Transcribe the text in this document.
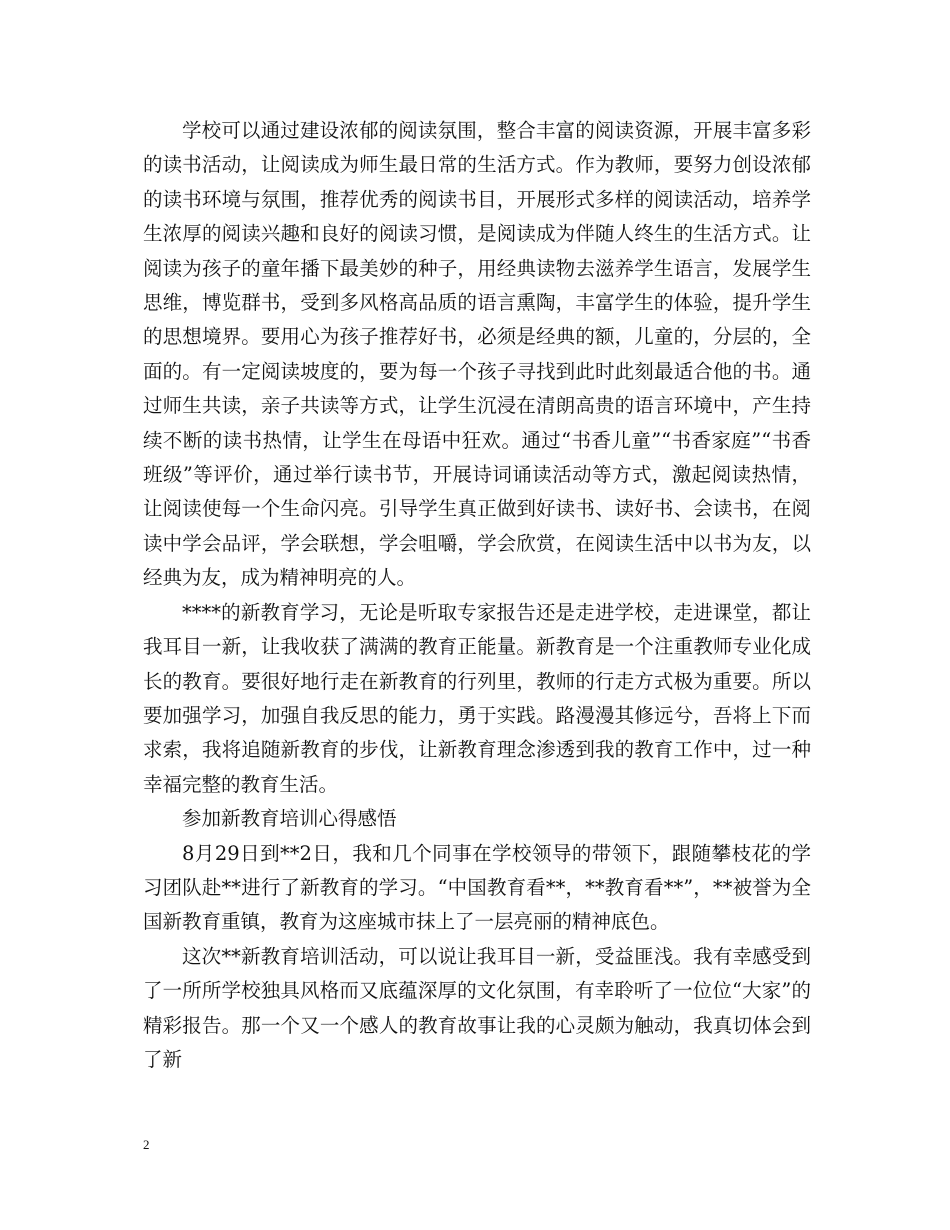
学校可以通过建设浓郁的阅读氛围，整合丰富的阅读资源，开展丰富多彩的读书活动，让阅读成为师生最日常的生活方式。作为教师，要努力创设浓郁的读书环境与氛围，推荐优秀的阅读书目，开展形式多样的阅读活动，培养学生浓厚的阅读兴趣和良好的阅读习惯，是阅读成为伴随人终生的生活方式。让阅读为孩子的童年播下最美妙的种子，用经典读物去滋养学生语言，发展学生思维，博览群书，受到多风格高品质的语言熏陶，丰富学生的体验，提升学生的思想境界。要用心为孩子推荐好书，必须是经典的额，儿童的，分层的，全面的。有一定阅读坡度的，要为每一个孩子寻找到此时此刻最适合他的书。通过师生共读，亲子共读等方式，让学生沉浸在清朗高贵的语言环境中，产生持续不断的读书热情，让学生在母语中狂欢。通过“书香儿童”“书香家庭”“书香班级”等评价，通过举行读书节，开展诗词诵读活动等方式，激起阅读热情，让阅读使每一个生命闪亮。引导学生真正做到好读书、读好书、会读书，在阅读中学会品评，学会联想，学会咀嚼，学会欣赏，在阅读生活中以书为友，以经典为友，成为精神明亮的人。

****的新教育学习，无论是听取专家报告还是走进学校，走进课堂，都让我耳目一新，让我收获了满满的教育正能量。新教育是一个注重教师专业化成长的教育。要很好地行走在新教育的行列里，教师的行走方式极为重要。所以要加强学习，加强自我反思的能力，勇于实践。路漫漫其修远兮，吾将上下而求索，我将追随新教育的步伐，让新教育理念渗透到我的教育工作中，过一种幸福完整的教育生活。

参加新教育培训心得感悟

8月29日到**2日，我和几个同事在学校领导的带领下，跟随攀枝花的学习团队赴**进行了新教育的学习。“中国教育看**，**教育看**”，**被誉为全国新教育重镇，教育为这座城市抹上了一层亮丽的精神底色。

这次**新教育培训活动，可以说让我耳目一新，受益匪浅。我有幸感受到了一所所学校独具风格而又底蕴深厚的文化氛围，有幸聆听了一位位“大家”的精彩报告。那一个又一个感人的教育故事让我的心灵颇为触动，我真切体会到了新

2
